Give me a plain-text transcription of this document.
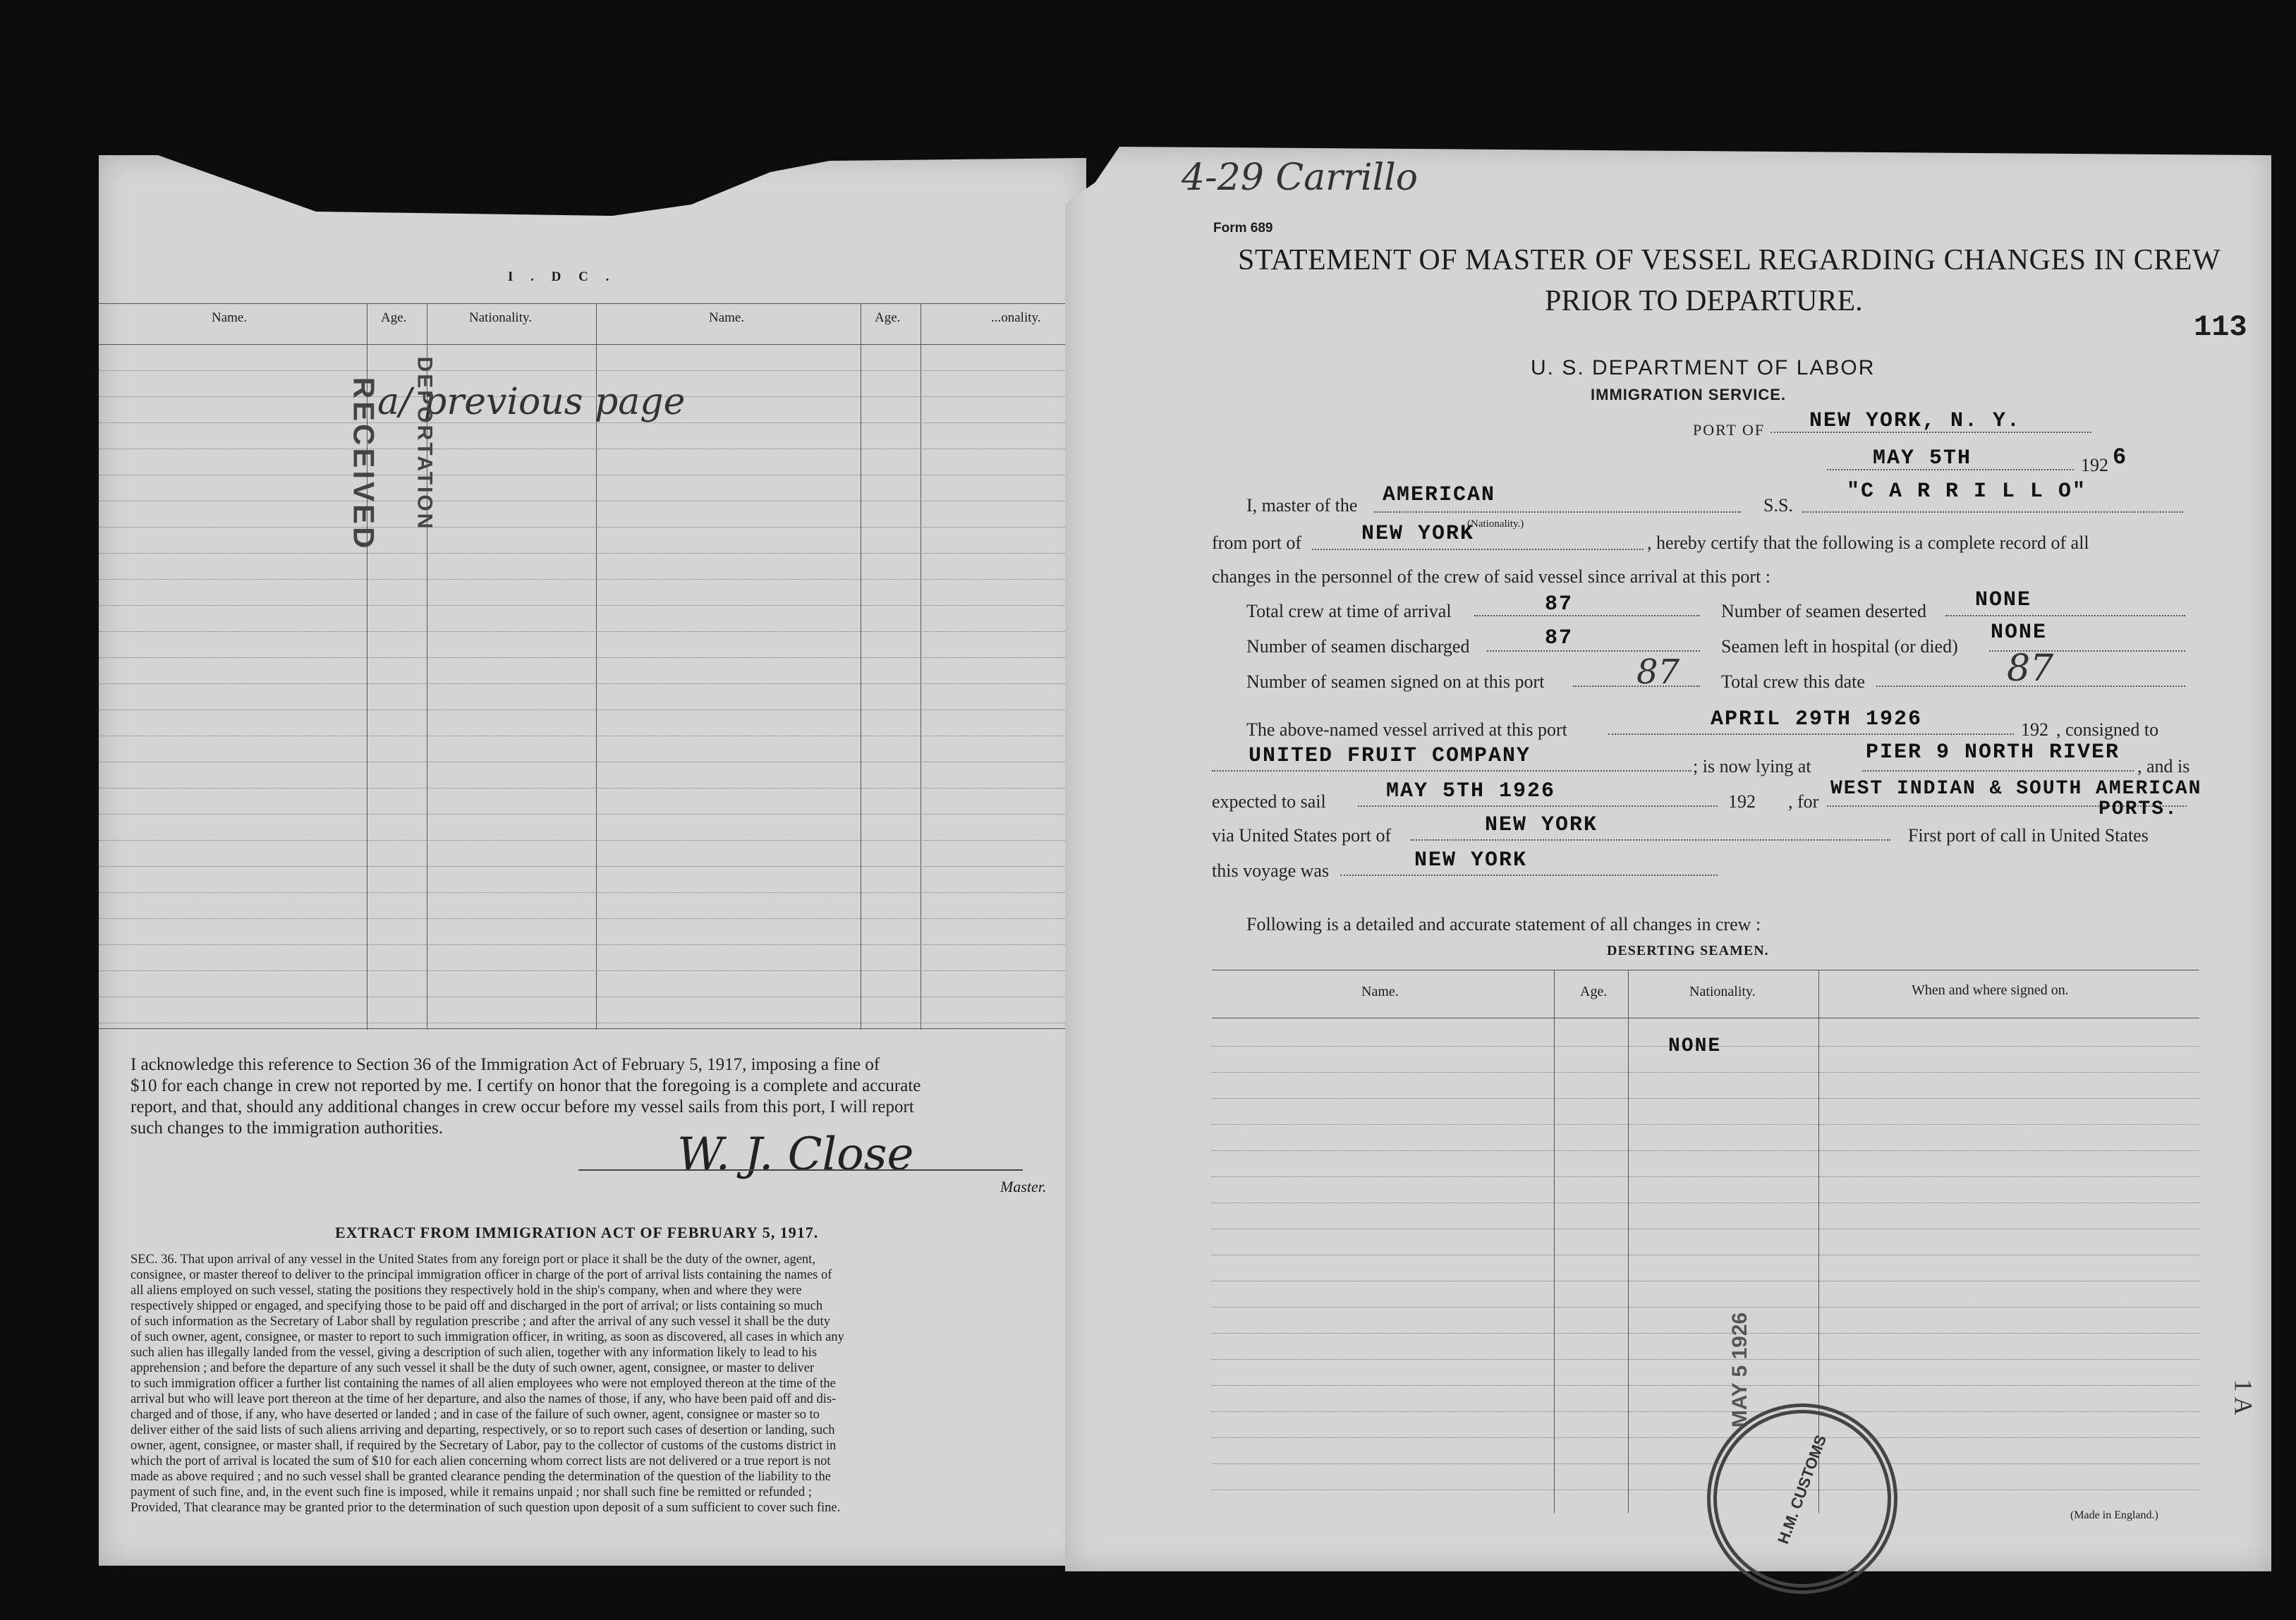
I . D C .
Name.	Age.	Nationality.	Name.	Age.	...onality.
a/ previous page
RECEIVED DEPORTATION
I acknowledge this reference to Section 36 of the Immigration Act of February 5, 1917, imposing a fine of
$10 for each change in crew not reported by me. I certify on honor that the foregoing is a complete and accurate
report, and that, should any additional changes in crew occur before my vessel sails from this port, I will report
such changes to the immigration authorities.
W. J. Close
Master.
EXTRACT FROM IMMIGRATION ACT OF FEBRUARY 5, 1917.
SEC. 36. That upon arrival of any vessel in the United States from any foreign port or place it shall be the duty of the owner, agent,
consignee, or master thereof to deliver to the principal immigration officer in charge of the port of arrival lists containing the names of
all aliens employed on such vessel, stating the positions they respectively hold in the ship's company, when and where they were
respectively shipped or engaged, and specifying those to be paid off and discharged in the port of arrival; or lists containing so much
of such information as the Secretary of Labor shall by regulation prescribe ; and after the arrival of any such vessel it shall be the duty
of such owner, agent, consignee, or master to report to such immigration officer, in writing, as soon as discovered, all cases in which any
such alien has illegally landed from the vessel, giving a description of such alien, together with any information likely to lead to his
apprehension ; and before the departure of any such vessel it shall be the duty of such owner, agent, consignee, or master to deliver
to such immigration officer a further list containing the names of all alien employees who were not employed thereon at the time of the
arrival but who will leave port thereon at the time of her departure, and also the names of those, if any, who have been paid off and dis-
charged and of those, if any, who have deserted or landed ; and in case of the failure of such owner, agent, consignee or master so to
deliver either of the said lists of such aliens arriving and departing, respectively, or so to report such cases of desertion or landing, such
owner, agent, consignee, or master shall, if required by the Secretary of Labor, pay to the collector of customs of the customs district in
which the port of arrival is located the sum of $10 for each alien concerning whom correct lists are not delivered or a true report is not
made as above required ; and no such vessel shall be granted clearance pending the determination of the question of the liability to the
payment of such fine, and, in the event such fine is imposed, while it remains unpaid ; nor shall such fine be remitted or refunded ;
Provided, That clearance may be granted prior to the determination of such question upon deposit of a sum sufficient to cover such fine.
4-29 Carrillo
113
Form 689
STATEMENT OF MASTER OF VESSEL REGARDING CHANGES IN CREW
PRIOR TO DEPARTURE.
U. S. DEPARTMENT OF LABOR
IMMIGRATION SERVICE.
PORT OF NEW YORK, N. Y.
MAY 5TH	192 6
I, master of the AMERICAN	S.S.
"C A R R I L L O"
from port of	NEW YORK
(Nationality.)
, hereby certify that the following is a complete record of all
changes in the personnel of the crew of said vessel since arrival at this port :
Total crew at time of arrival	87	Number of seamen deserted NONE
Number of seamen discharged	87	Seamen left in hospital (or died)
NONE
Number of seamen signed on at this port	87 Total crew this date	87
The above-named vessel arrived at this port	APRIL 29TH 1926	192 , consigned to
UNITED FRUIT COMPANY	; is now lying at
PIER 9 NORTH RIVER
, and is
expected to sail	MAY 5TH 1926	192 , for
WEST INDIAN & SOUTH AMERICAN
PORTS.
via United States port of	NEW YORK	First port of call in United States
this voyage was	NEW YORK
Following is a detailed and accurate statement of all changes in crew :
DESERTING SEAMEN.
Name.	Age.	Nationality.	When and where signed on.
NONE
(Made in England.)
MAY 5 1926
H.M. CUSTOMS
1 A
